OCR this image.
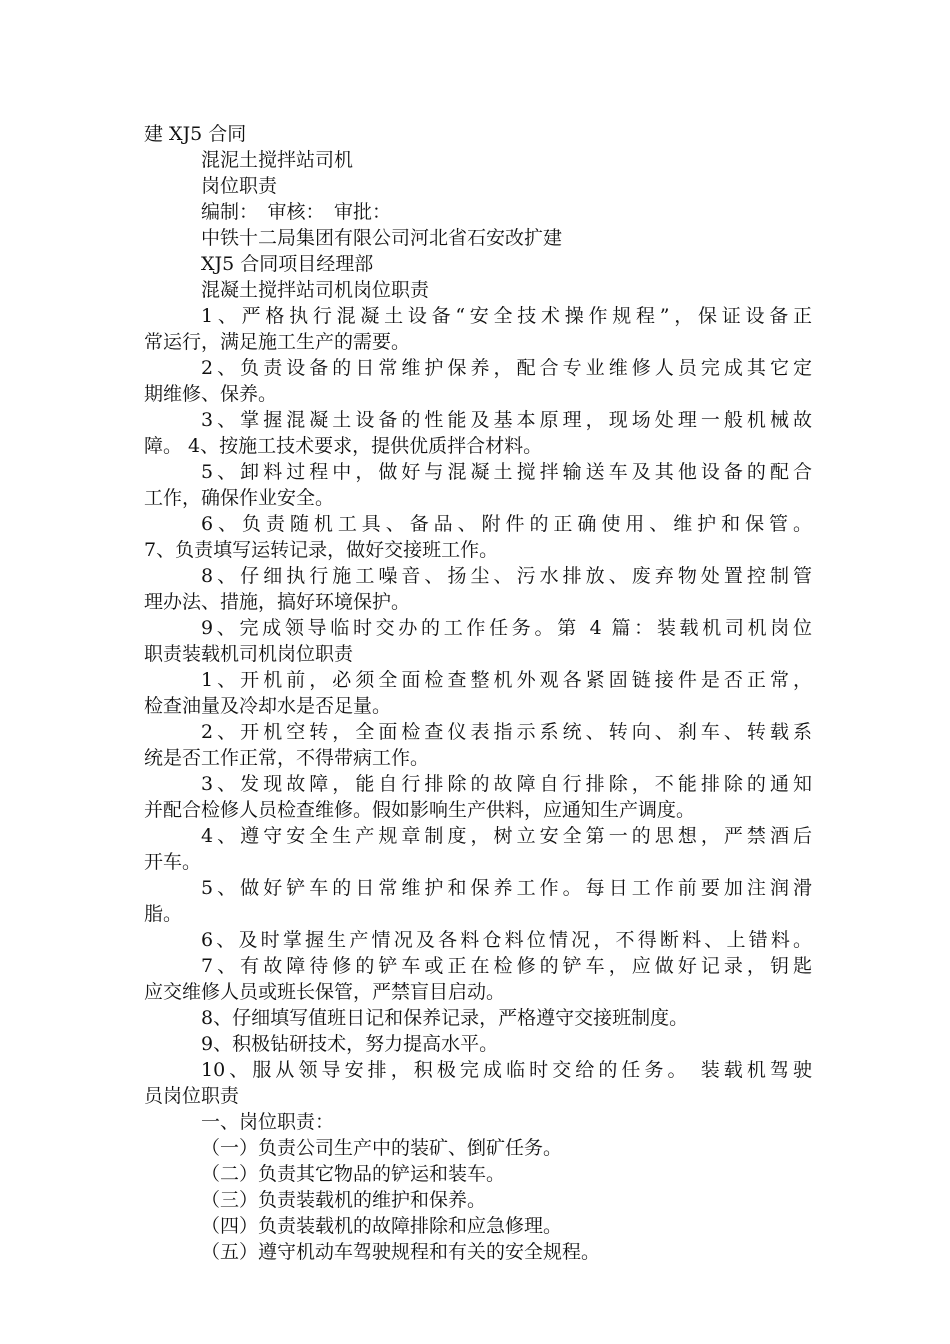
建 XJ5 合同
混泥土搅拌站司机
岗位职责
编制：　审核：　审批：
中铁十二局集团有限公司河北省石安改扩建
XJ5 合同项目经理部
混凝土搅拌站司机岗位职责
1、严格执行混凝土设备“安全技术操作规程”，保证设备正
常运行，满足施工生产的需要。
2、负责设备的日常维护保养，配合专业维修人员完成其它定
期维修、保养。
3、掌握混凝土设备的性能及基本原理，现场处理一般机械故
障。 4、按施工技术要求，提供优质拌合材料。
5、卸料过程中，做好与混凝土搅拌输送车及其他设备的配合
工作，确保作业安全。
6、负责随机工具、备品、附件的正确使用、维护和保管。
7、负责填写运转记录，做好交接班工作。
8、仔细执行施工噪音、扬尘、污水排放、废弃物处置控制管
理办法、措施，搞好环境保护。
9、完成领导临时交办的工作任务。第 4 篇：装载机司机岗位
职责装载机司机岗位职责
1、开机前，必须全面检查整机外观各紧固链接件是否正常，
检查油量及冷却水是否足量。
2、开机空转，全面检查仪表指示系统、转向、刹车、转载系
统是否工作正常，不得带病工作。
3、发现故障，能自行排除的故障自行排除，不能排除的通知
并配合检修人员检查维修。假如影响生产供料，应通知生产调度。
4、遵守安全生产规章制度，树立安全第一的思想，严禁酒后
开车。
5、做好铲车的日常维护和保养工作。每日工作前要加注润滑
脂。
6、及时掌握生产情况及各料仓料位情况，不得断料、上错料。
7、有故障待修的铲车或正在检修的铲车，应做好记录，钥匙
应交维修人员或班长保管，严禁盲目启动。
8、仔细填写值班日记和保养记录，严格遵守交接班制度。
9、积极钻研技术，努力提高水平。
10、服从领导安排，积极完成临时交给的任务。 装载机驾驶
员岗位职责
一、岗位职责：
（一）负责公司生产中的装矿、倒矿任务。
（二）负责其它物品的铲运和装车。
（三）负责装载机的维护和保养。
（四）负责装载机的故障排除和应急修理。
（五）遵守机动车驾驶规程和有关的安全规程。
